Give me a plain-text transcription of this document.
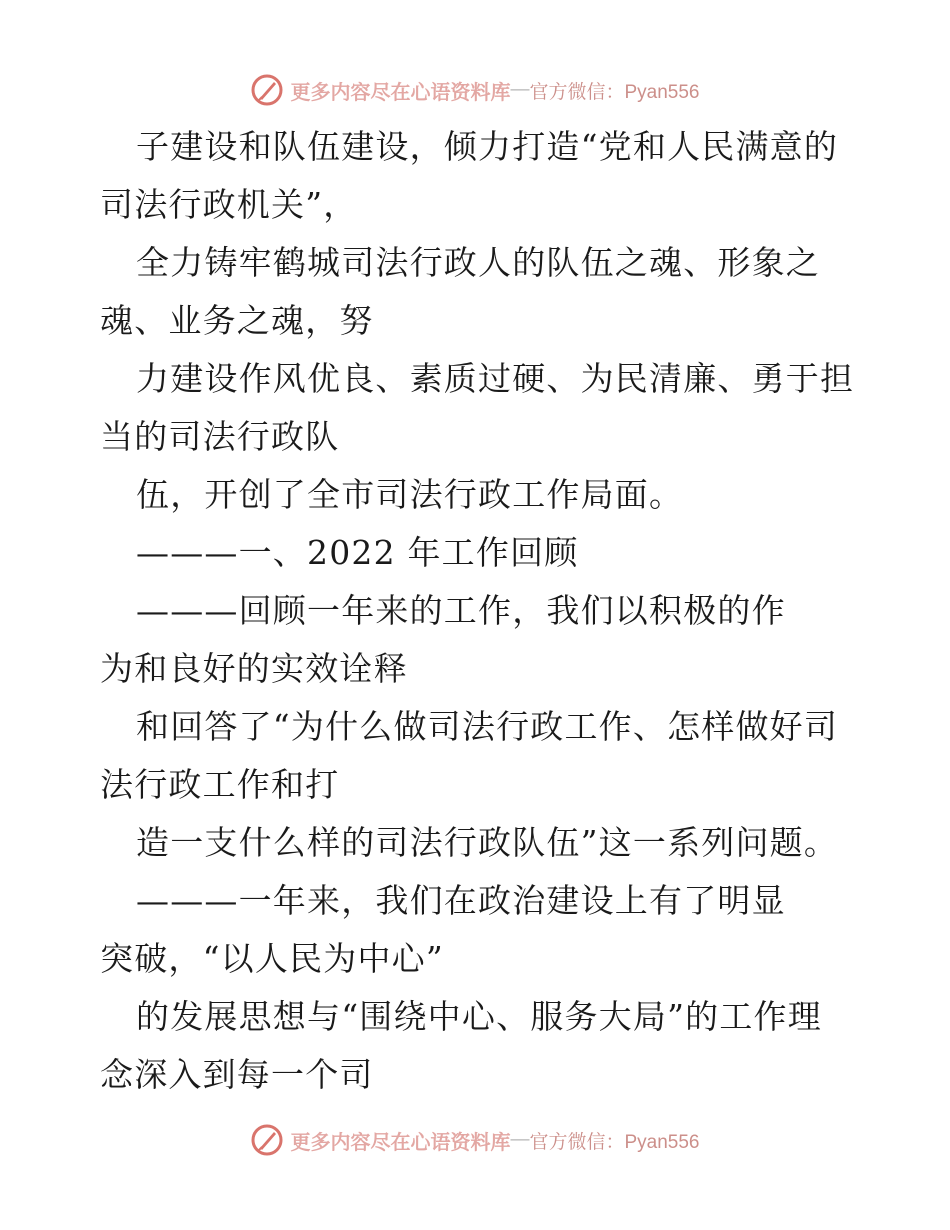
更多内容尽在心语资料库 — 官方微信：Pyan556
子建设和队伍建设，倾力打造“党和人民满意的
司法行政机关”，
全力铸牢鹤城司法行政人的队伍之魂、形象之
魂、业务之魂，努
力建设作风优良、素质过硬、为民清廉、勇于担
当的司法行政队
伍，开创了全市司法行政工作局面。
———一、2022 年工作回顾
———回顾一年来的工作，我们以积极的作
为和良好的实效诠释
和回答了“为什么做司法行政工作、怎样做好司
法行政工作和打
造一支什么样的司法行政队伍”这一系列问题。
———一年来，我们在政治建设上有了明显
突破，“以人民为中心”
的发展思想与“围绕中心、服务大局”的工作理
念深入到每一个司
更多内容尽在心语资料库 — 官方微信：Pyan556
